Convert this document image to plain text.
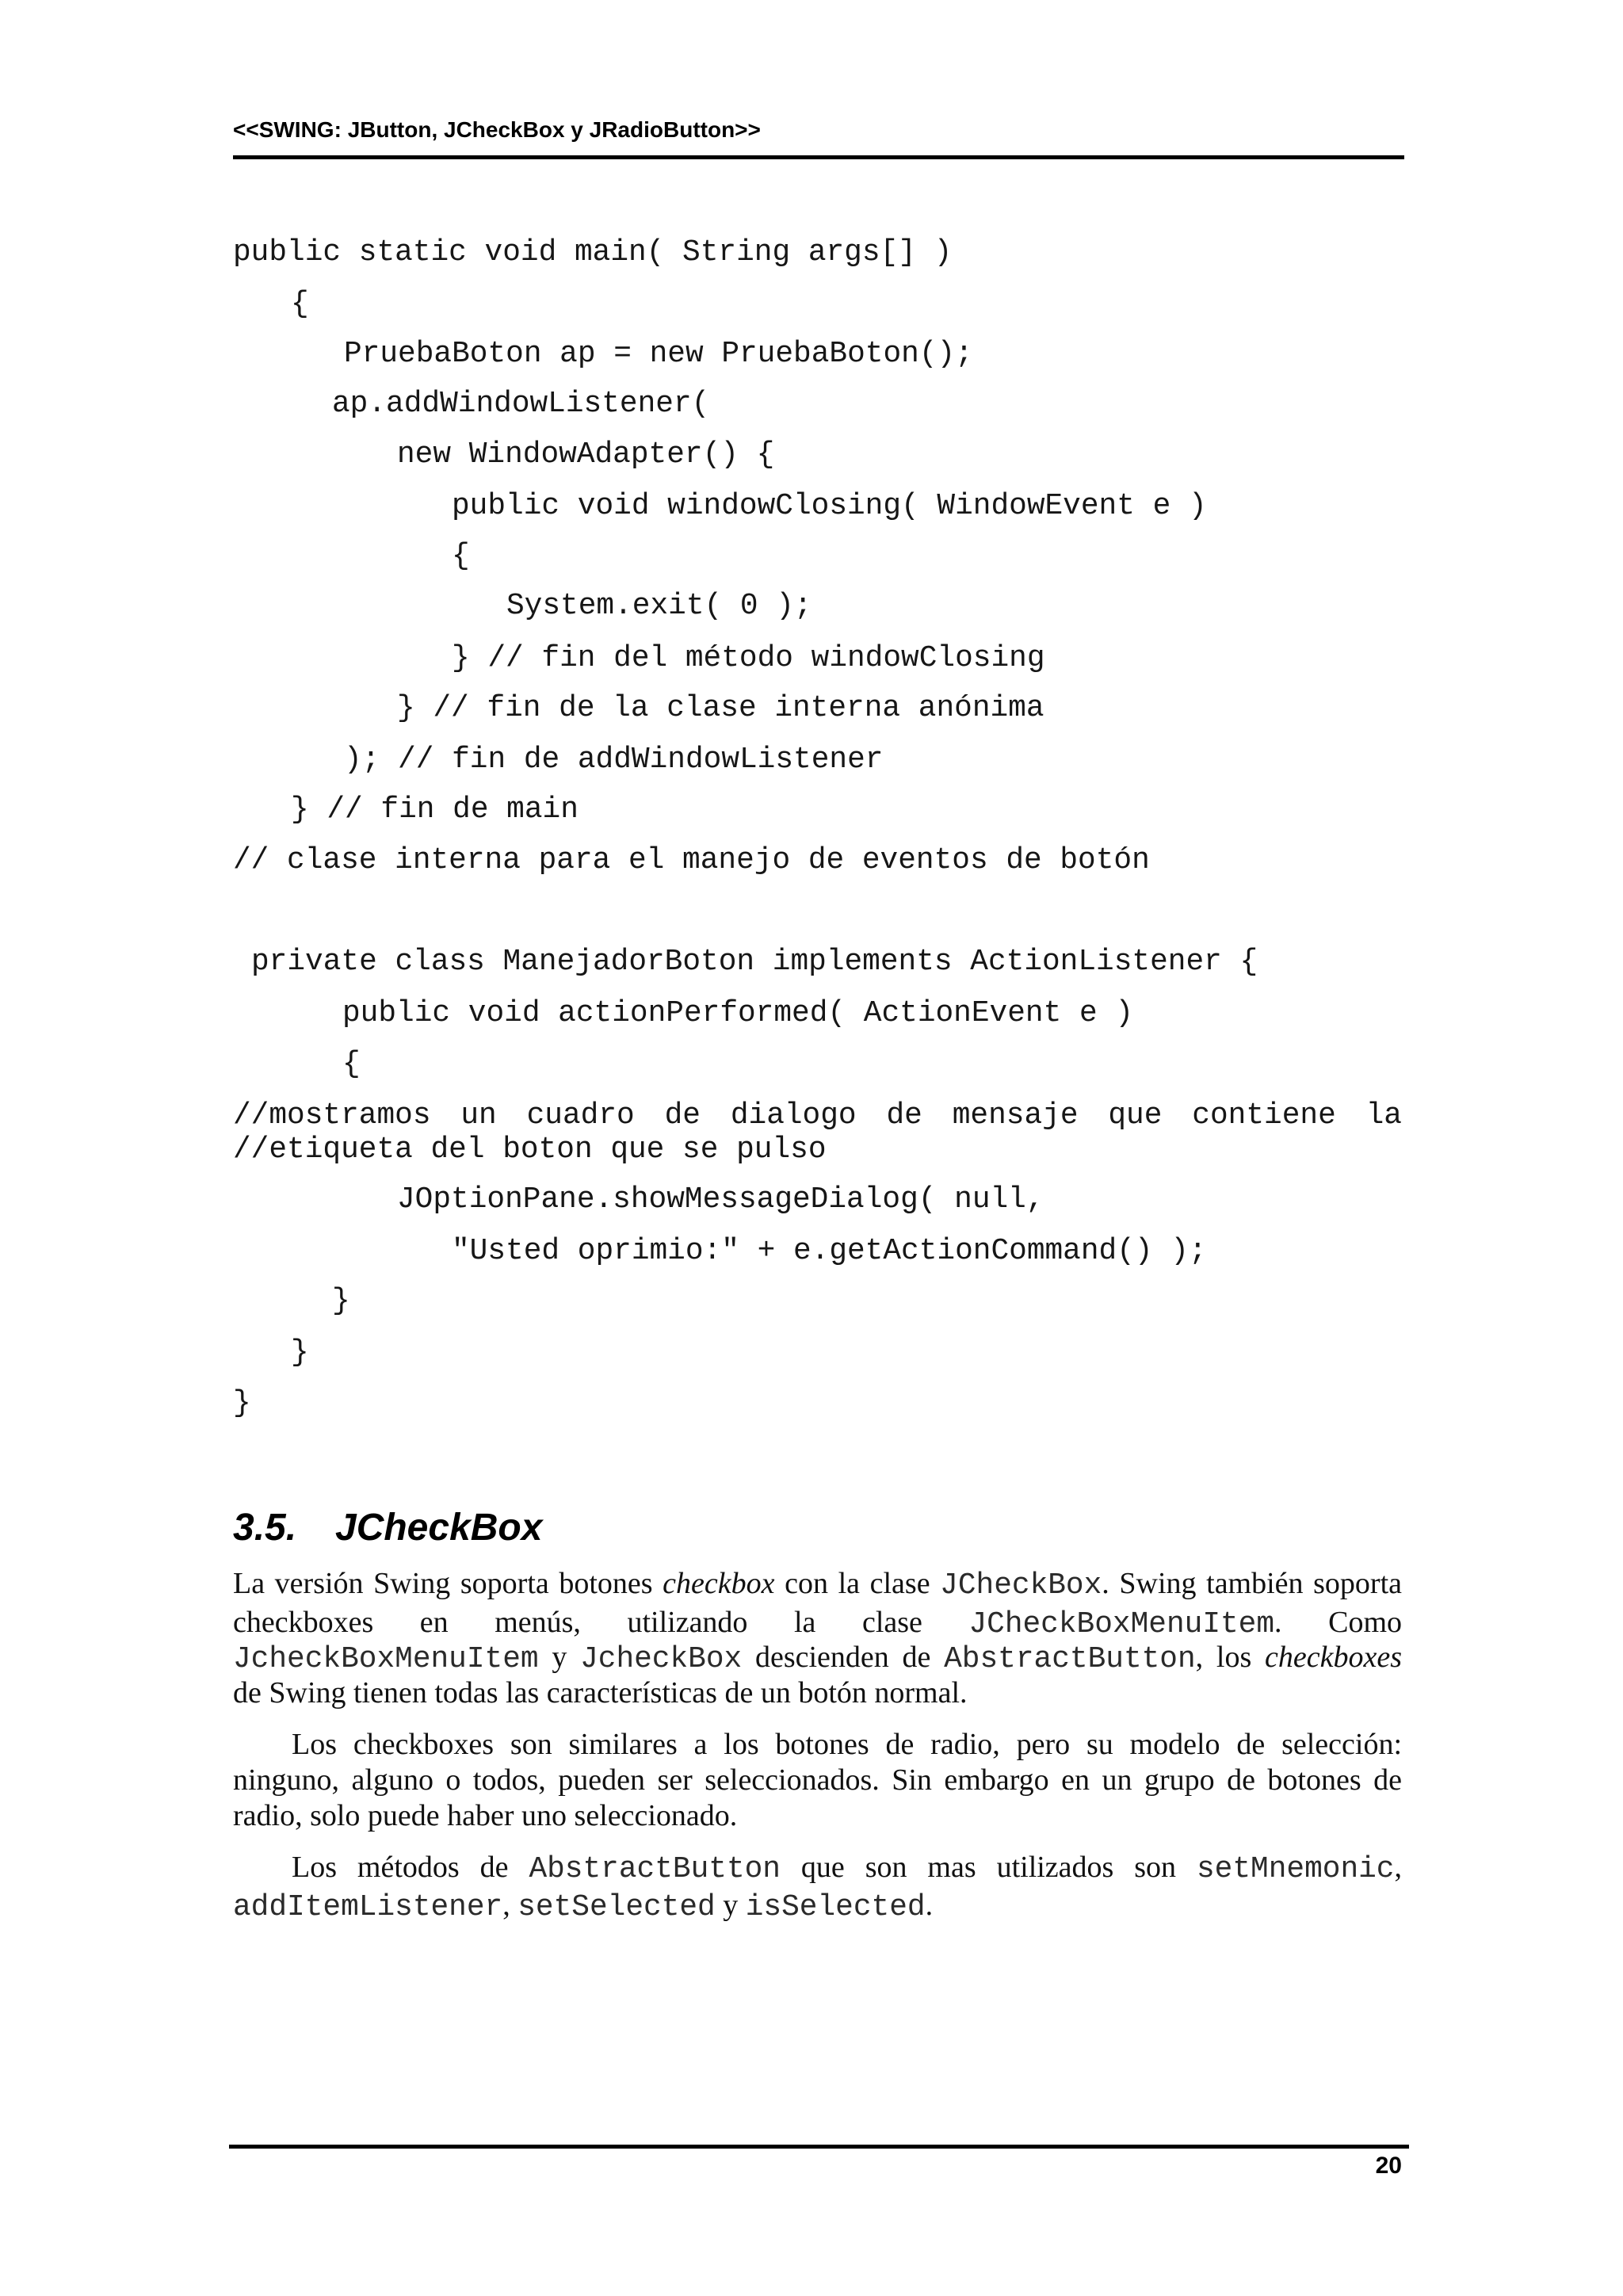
<<SWING: JButton, JCheckBox y JRadioButton>>
public static void main( String args[] )
{
PruebaBoton ap = new PruebaBoton();
ap.addWindowListener(
new WindowAdapter() {
public void windowClosing( WindowEvent e )
{
System.exit( 0 );
} // fin del método windowClosing
} // fin de la clase interna anónima
); // fin de addWindowListener
} // fin de main
// clase interna para el manejo de eventos de botón
private class ManejadorBoton implements ActionListener {
public void actionPerformed( ActionEvent e )
{
//mostramos un cuadro de dialogo de mensaje que contiene la
//etiqueta del boton que se pulso
JOptionPane.showMessageDialog( null,
"Usted oprimio:" + e.getActionCommand() );
}
}
}
3.5. JCheckBox
La versión Swing soporta botones checkbox con la clase JCheckBox. Swing también soporta
checkboxes en menús, utilizando la clase JCheckBoxMenuItem. Como
JcheckBoxMenuItem y JcheckBox descienden de AbstractButton, los checkboxes
de Swing tienen todas las características de un botón normal.
Los checkboxes son similares a los botones de radio, pero su modelo de selección:
ninguno, alguno o todos, pueden ser seleccionados. Sin embargo en un grupo de botones de
radio, solo puede haber uno seleccionado.
Los métodos de AbstractButton que son mas utilizados son setMnemonic,
addItemListener, setSelected y isSelected.
20
